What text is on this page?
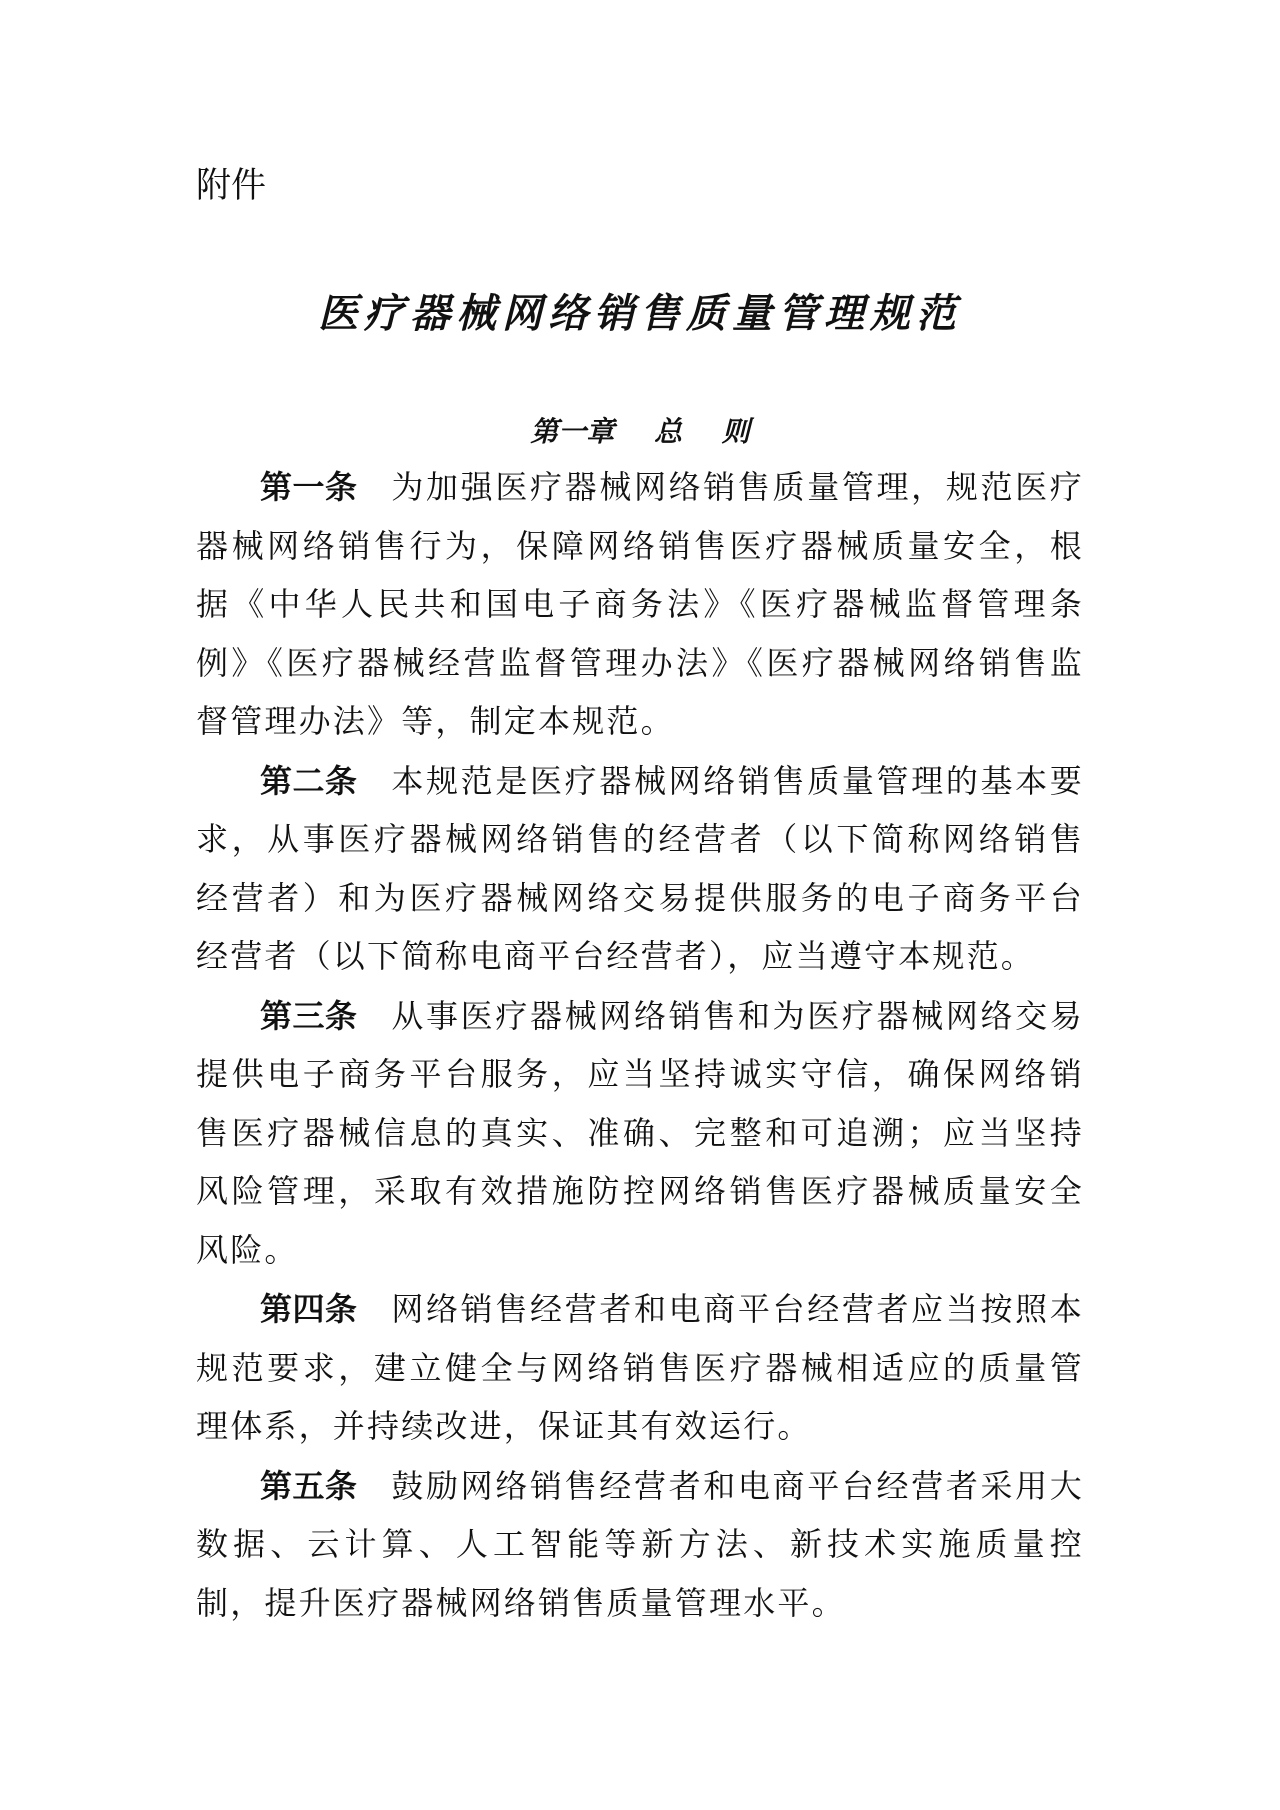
附件
医疗器械网络销售质量管理规范
第一章 总 则

第一条 为加强医疗器械网络销售质量管理，规范医疗器械网络销售行为，保障网络销售医疗器械质量安全，根据《中华人民共和国电子商务法》《医疗器械监督管理条例》《医疗器械经营监督管理办法》《医疗器械网络销售监督管理办法》等，制定本规范。

第二条 本规范是医疗器械网络销售质量管理的基本要求，从事医疗器械网络销售的经营者（以下简称网络销售经营者）和为医疗器械网络交易提供服务的电子商务平台经营者（以下简称电商平台经营者），应当遵守本规范。

第三条 从事医疗器械网络销售和为医疗器械网络交易提供电子商务平台服务，应当坚持诚实守信，确保网络销售医疗器械信息的真实、准确、完整和可追溯；应当坚持风险管理，采取有效措施防控网络销售医疗器械质量安全风险。

第四条 网络销售经营者和电商平台经营者应当按照本规范要求，建立健全与网络销售医疗器械相适应的质量管理体系，并持续改进，保证其有效运行。

第五条 鼓励网络销售经营者和电商平台经营者采用大数据、云计算、人工智能等新方法、新技术实施质量控制，提升医疗器械网络销售质量管理水平。
